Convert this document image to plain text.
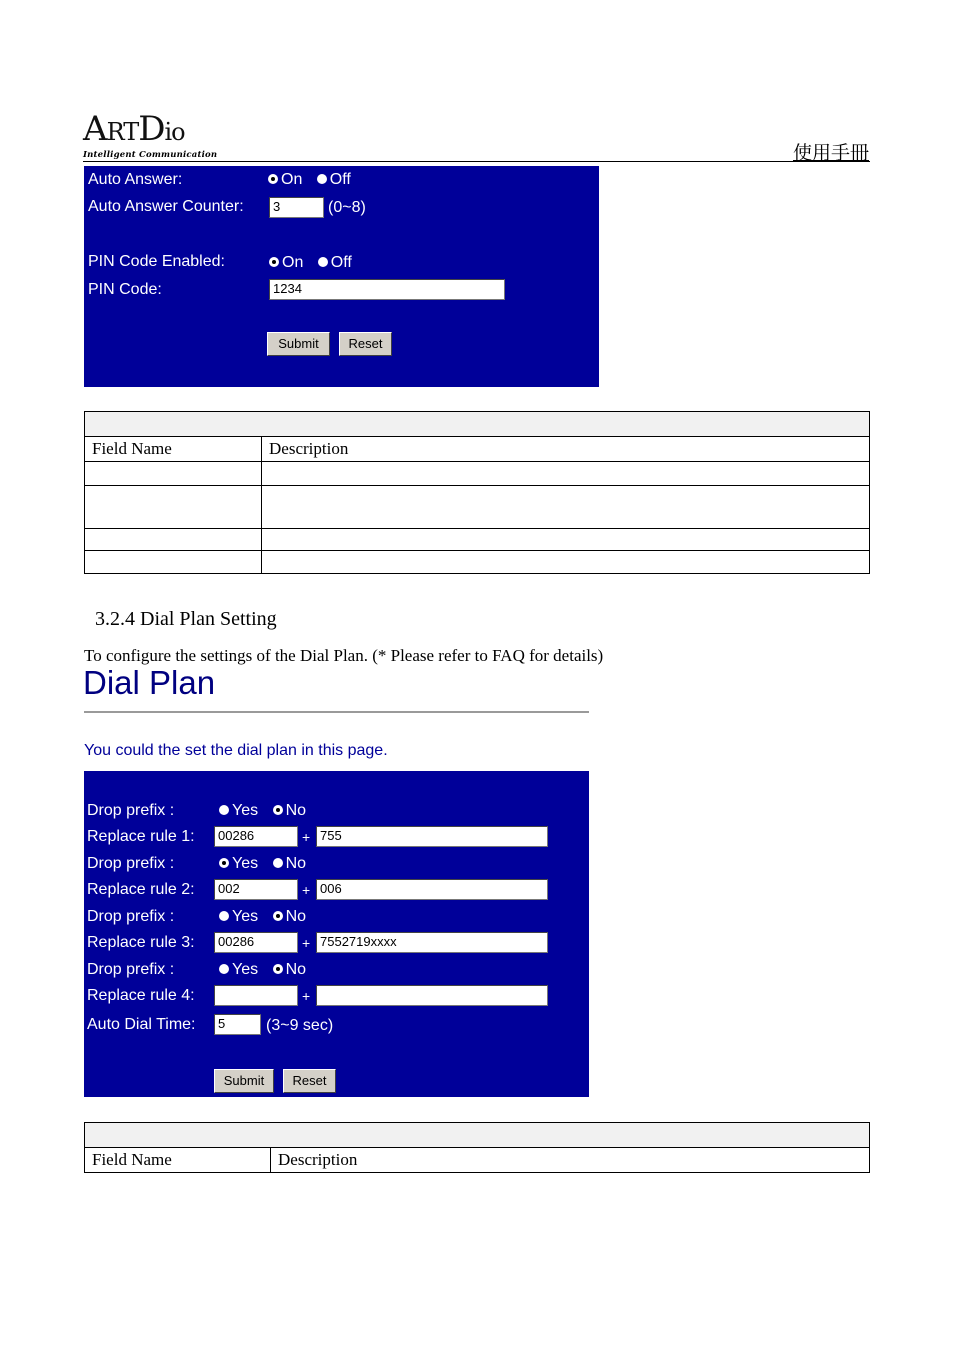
ARTDio
Intelligent Communication	使用手冊
Auto Answer:	On
Off
Auto Answer Counter:	3	(0~8)
PIN Code Enabled:	On
Off
PIN Code:	1234
Submit	Reset

Field Name	Description

3.2.4 Dial Plan Setting
To configure the settings of the Dial Plan. (* Please refer to FAQ for details)
Dial Plan
You could the set the dial plan in this page.
Drop prefix :	Yes
No
Replace rule 1:	00286	+ 755
Drop prefix :	Yes
No
Replace rule 2:	002	+ 006
Drop prefix :	Yes
No
Replace rule 3:	00286	+ 7552719xxxx
Drop prefix :	Yes
No
Replace rule 4:	+
Auto Dial Time:	5	(3~9 sec)
Submit	Reset

Field Name	Description
